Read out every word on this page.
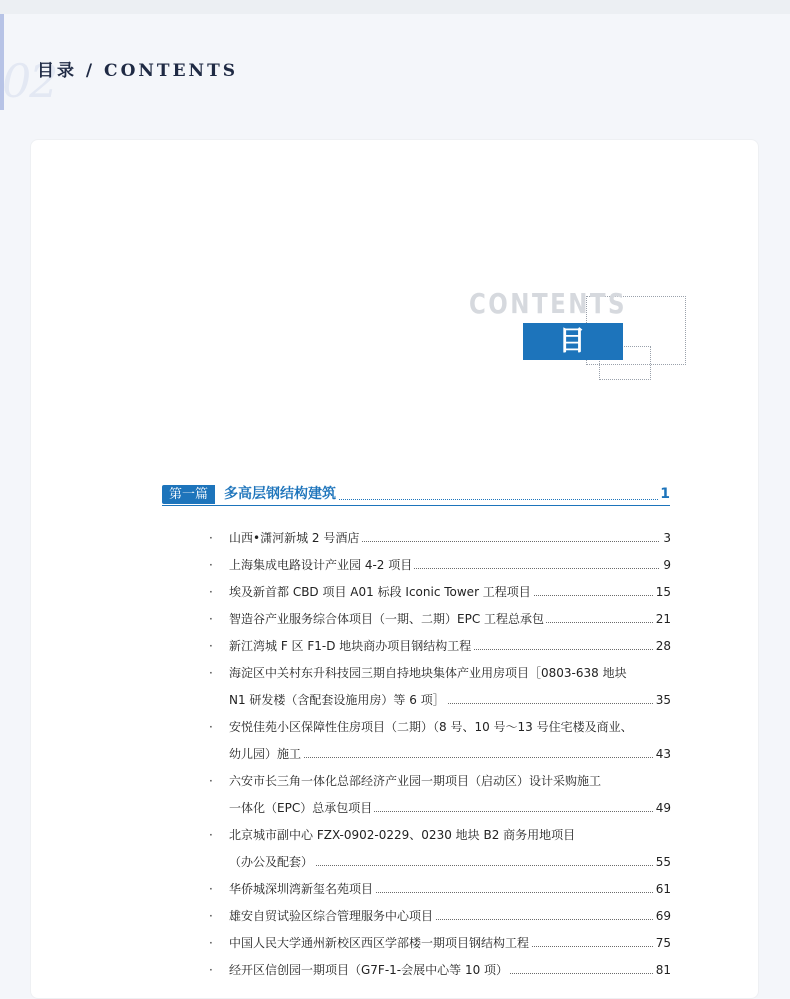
02
目录 / CONTENTS
CONTENTS
目 录
第一篇	多高层钢结构建筑	1
· 山西•潇河新城 2 号酒店	3
· 上海集成电路设计产业园 4-2 项目	9
· 埃及新首都 CBD 项目 A01 标段 Iconic Tower 工程项目	15
· 智造谷产业服务综合体项目（一期、二期）EPC 工程总承包	21
· 新江湾城 F 区 F1-D 地块商办项目钢结构工程	28
· 海淀区中关村东升科技园三期自持地块集体产业用房项目［0803-638 地块
N1 研发楼（含配套设施用房）等 6 项］	35
· 安悦佳苑小区保障性住房项目（二期）（8 号、10 号～13 号住宅楼及商业、
幼儿园）施工	43
· 六安市长三角一体化总部经济产业园一期项目（启动区）设计采购施工
一体化（EPC）总承包项目	49
· 北京城市副中心 FZX-0902-0229、0230 地块 B2 商务用地项目
（办公及配套）	55
· 华侨城深圳湾新玺名苑项目	61
· 雄安自贸试验区综合管理服务中心项目	69
· 中国人民大学通州新校区西区学部楼一期项目钢结构工程	75
· 经开区信创园一期项目（G7F-1-会展中心等 10 项）	81
